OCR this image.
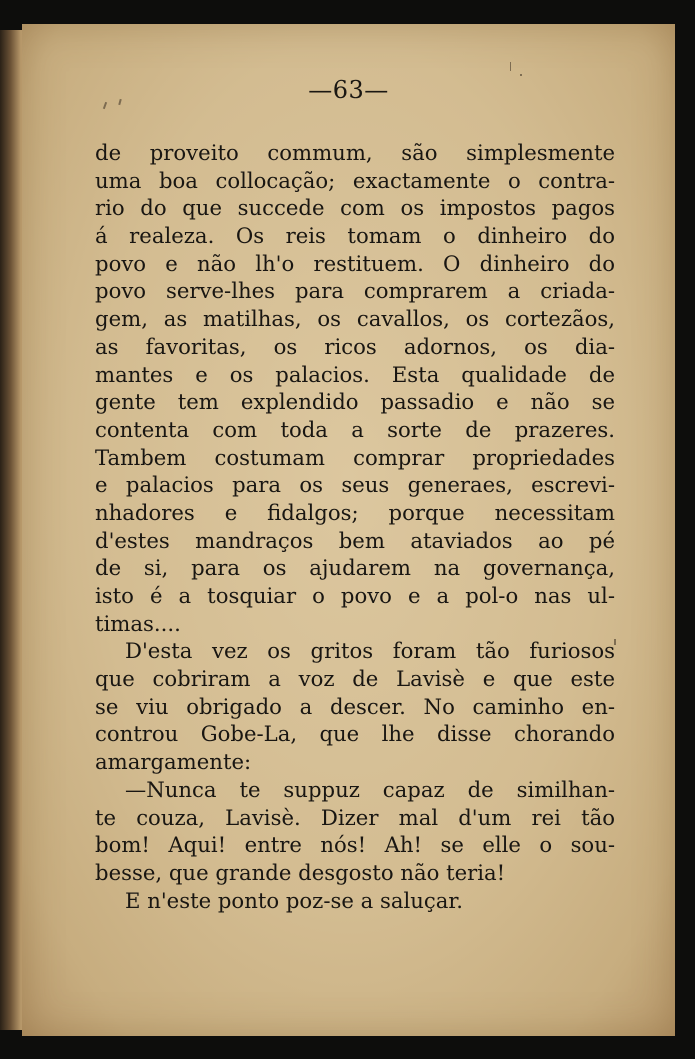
—63—
de proveito commum, são simplesmente
uma boa collocação; exactamente o contra-
rio do que succede com os impostos pagos
á realeza. Os reis tomam o dinheiro do
povo e não lh'o restituem. O dinheiro do
povo serve-lhes para comprarem a criada-
gem, as matilhas, os cavallos, os cortezãos,
as favoritas, os ricos adornos, os dia-
mantes e os palacios. Esta qualidade de
gente tem explendido passadio e não se
contenta com toda a sorte de prazeres.
Tambem costumam comprar propriedades
e palacios para os seus generaes, escrevi-
nhadores e fidalgos; porque necessitam
d'estes mandraços bem ataviados ao pé
de si, para os ajudarem na governança,
isto é a tosquiar o povo e a pol-o nas ul-
timas....
D'esta vez os gritos foram tão furiosos
que cobriram a voz de Lavisè e que este
se viu obrigado a descer. No caminho en-
controu Gobe-La, que lhe disse chorando
amargamente:
—Nunca te suppuz capaz de similhan-
te couza, Lavisè. Dizer mal d'um rei tão
bom! Aqui! entre nós! Ah! se elle o sou-
besse, que grande desgosto não teria!
E n'este ponto poz-se a saluçar.
